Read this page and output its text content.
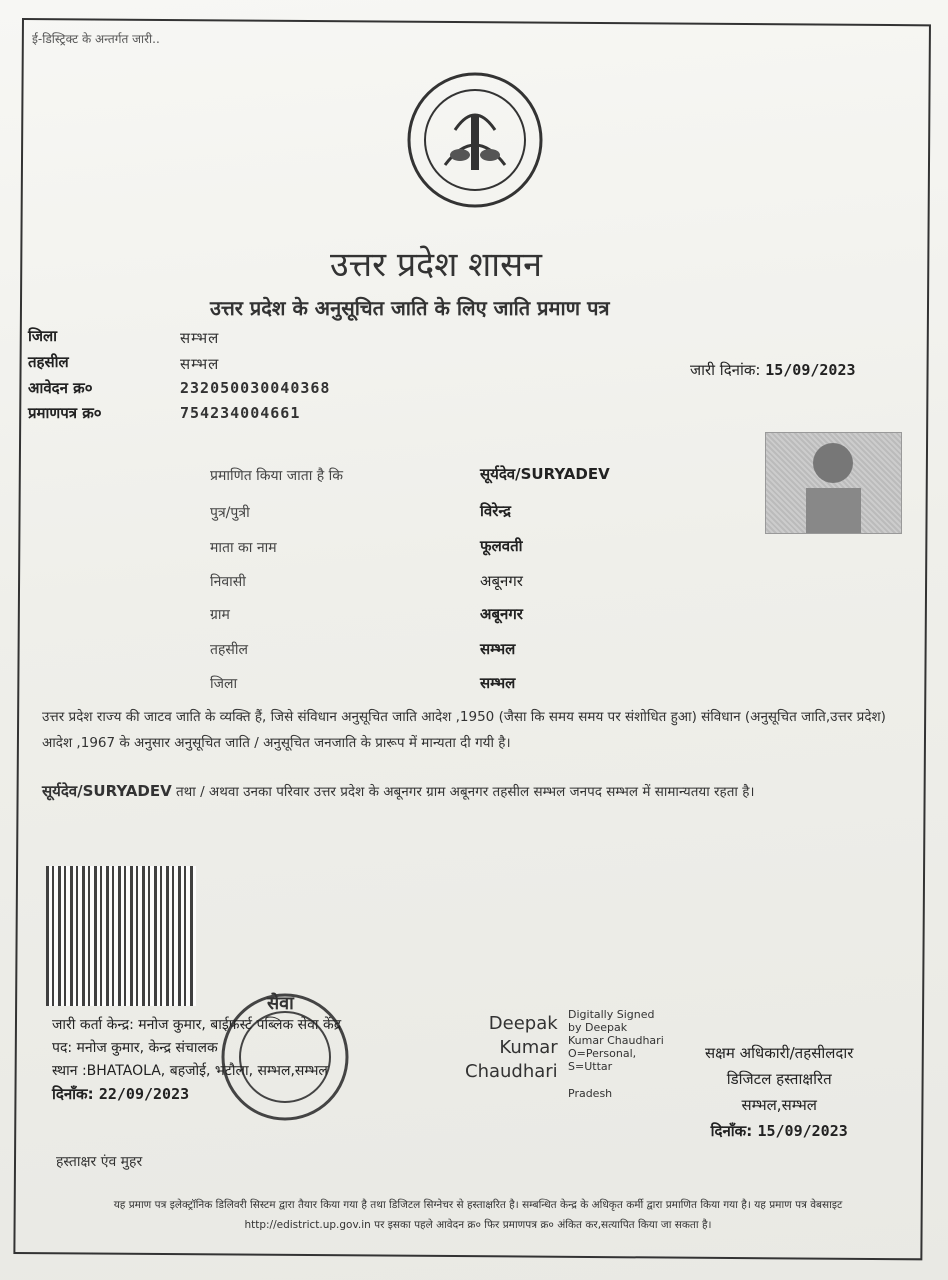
ई-डिस्ट्रिक्ट के अन्तर्गत जारी..
उत्तर प्रदेश शासन
उत्तर प्रदेश के अनुसूचित जाति के लिए जाति प्रमाण पत्र
जिला	सम्भल
तहसील	सम्भल
आवेदन क्र०	232050030040368
प्रमाणपत्र क्र०	754234004661
जारी दिनांक: 15/09/2023
प्रमाणित किया जाता है कि	सूर्यदेव/SURYADEV
पुत्र/पुत्री	विरेन्द्र
माता का नाम	फूलवती
निवासी	अबूनगर
ग्राम	अबूनगर
तहसील	सम्भल
जिला	सम्भल
उत्तर प्रदेश राज्य की जाटव जाति के व्यक्ति हैं, जिसे संविधान अनुसूचित जाति आदेश ,1950 (जैसा कि समय समय पर संशोधित हुआ) संविधान (अनुसूचित जाति,उत्तर प्रदेश) आदेश ,1967 के अनुसार अनुसूचित जाति / अनुसूचित जनजाति के प्रारूप में मान्यता दी गयी है।
सूर्यदेव/SURYADEV तथा / अथवा उनका परिवार उत्तर प्रदेश के अबूनगर ग्राम अबूनगर तहसील सम्भल जनपद सम्भल में सामान्यतया रहता है।
सेवा
जारी कर्ता केन्द्र: मनोज कुमार, बाईफर्स्ट पब्लिक सेवा केंद्र
पद: मनोज कुमार, केन्द्र संचालक
स्थान :BHATAOLA, बहजोई, भटौला, सम्भल,सम्भल
दिनाँक: 22/09/2023
Deepak
Kumar
Chaudhari
Digitally Signed
by Deepak
Kumar Chaudhari
O=Personal,
S=Uttar
Pradesh
सक्षम अधिकारी/तहसीलदार
डिजिटल हस्ताक्षरित
सम्भल,सम्भल
दिनाँक: 15/09/2023
हस्ताक्षर एंव मुहर
यह प्रमाण पत्र इलेक्ट्रॉनिक डिलिवरी सिस्टम द्वारा तैयार किया गया है तथा डिजिटल सिग्नेचर से हस्ताक्षरित है। सम्बन्धित केन्द्र के अधिकृत कर्मी द्वारा प्रमाणित किया गया है। यह प्रमाण पत्र वेबसाइट http://edistrict.up.gov.in पर इसका पहले आवेदन क्र० फिर प्रमाणपत्र क्र० अंकित कर,सत्यापित किया जा सकता है।
